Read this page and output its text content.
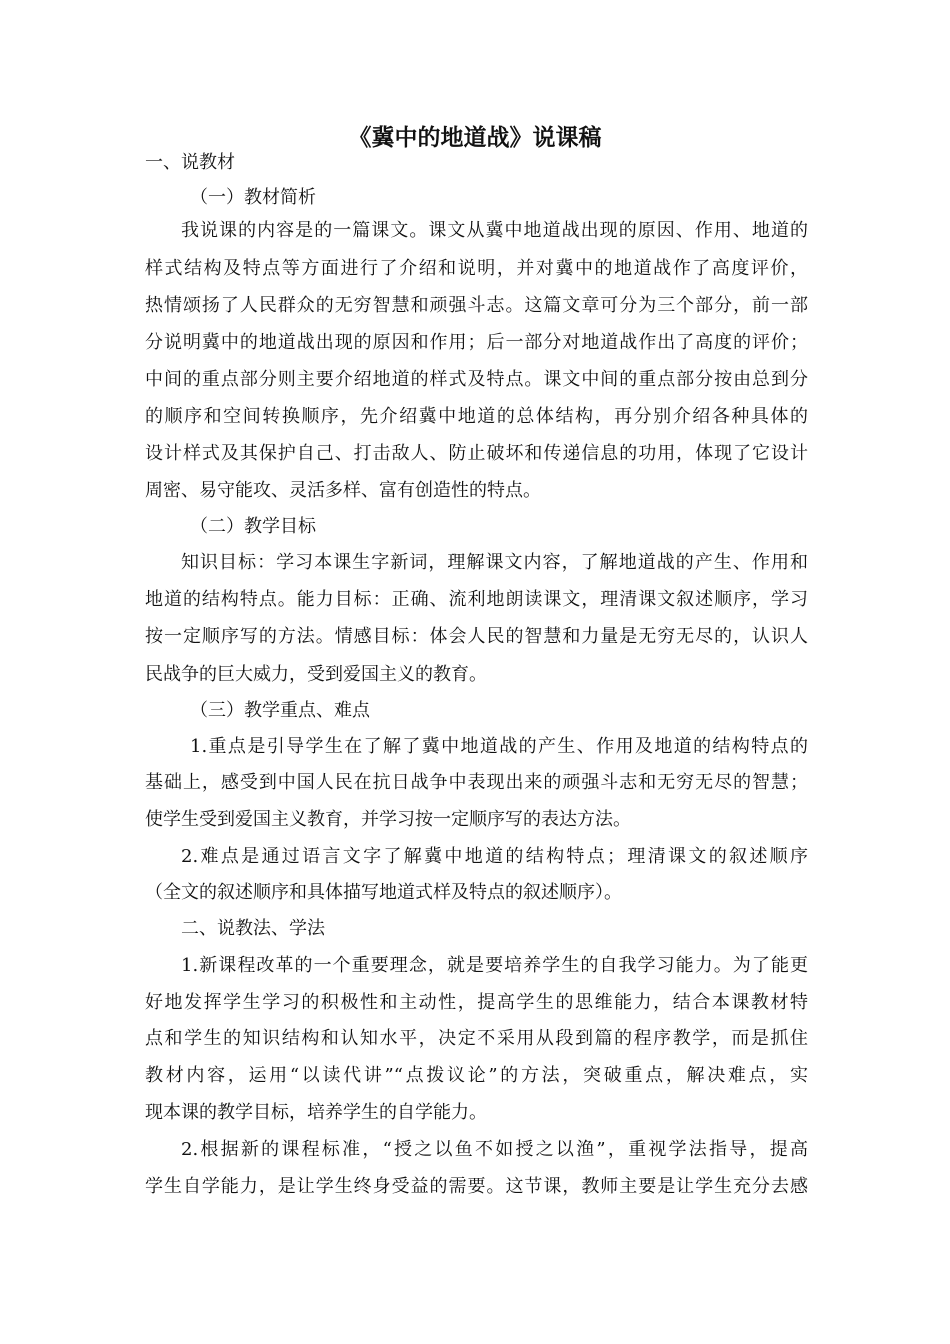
《冀中的地道战》说课稿
一、说教材
（一）教材简析
我说课的内容是的一篇课文。课文从冀中地道战出现的原因、作用、地道的
样式结构及特点等方面进行了介绍和说明，并对冀中的地道战作了高度评价，
热情颂扬了人民群众的无穷智慧和顽强斗志。这篇文章可分为三个部分，前一部
分说明冀中的地道战出现的原因和作用；后一部分对地道战作出了高度的评价；
中间的重点部分则主要介绍地道的样式及特点。课文中间的重点部分按由总到分
的顺序和空间转换顺序，先介绍冀中地道的总体结构，再分别介绍各种具体的
设计样式及其保护自己、打击敌人、防止破坏和传递信息的功用，体现了它设计
周密、易守能攻、灵活多样、富有创造性的特点。
（二）教学目标
知识目标：学习本课生字新词，理解课文内容，了解地道战的产生、作用和
地道的结构特点。能力目标：正确、流利地朗读课文，理清课文叙述顺序，学习
按一定顺序写的方法。情感目标：体会人民的智慧和力量是无穷无尽的，认识人
民战争的巨大威力，受到爱国主义的教育。
（三）教学重点、难点
1.重点是引导学生在了解了冀中地道战的产生、作用及地道的结构特点的
基础上，感受到中国人民在抗日战争中表现出来的顽强斗志和无穷无尽的智慧；
使学生受到爱国主义教育，并学习按一定顺序写的表达方法。
2.难点是通过语言文字了解冀中地道的结构特点；理清课文的叙述顺序
（全文的叙述顺序和具体描写地道式样及特点的叙述顺序）。
二、说教法、学法
1.新课程改革的一个重要理念，就是要培养学生的自我学习能力。为了能更
好地发挥学生学习的积极性和主动性，提高学生的思维能力，结合本课教材特
点和学生的知识结构和认知水平，决定不采用从段到篇的程序教学，而是抓住
教材内容，运用“以读代讲”“点拨议论”的方法，突破重点，解决难点，实
现本课的教学目标，培养学生的自学能力。
2.根据新的课程标准，“授之以鱼不如授之以渔”，重视学法指导，提高
学生自学能力，是让学生终身受益的需要。这节课，教师主要是让学生充分去感
